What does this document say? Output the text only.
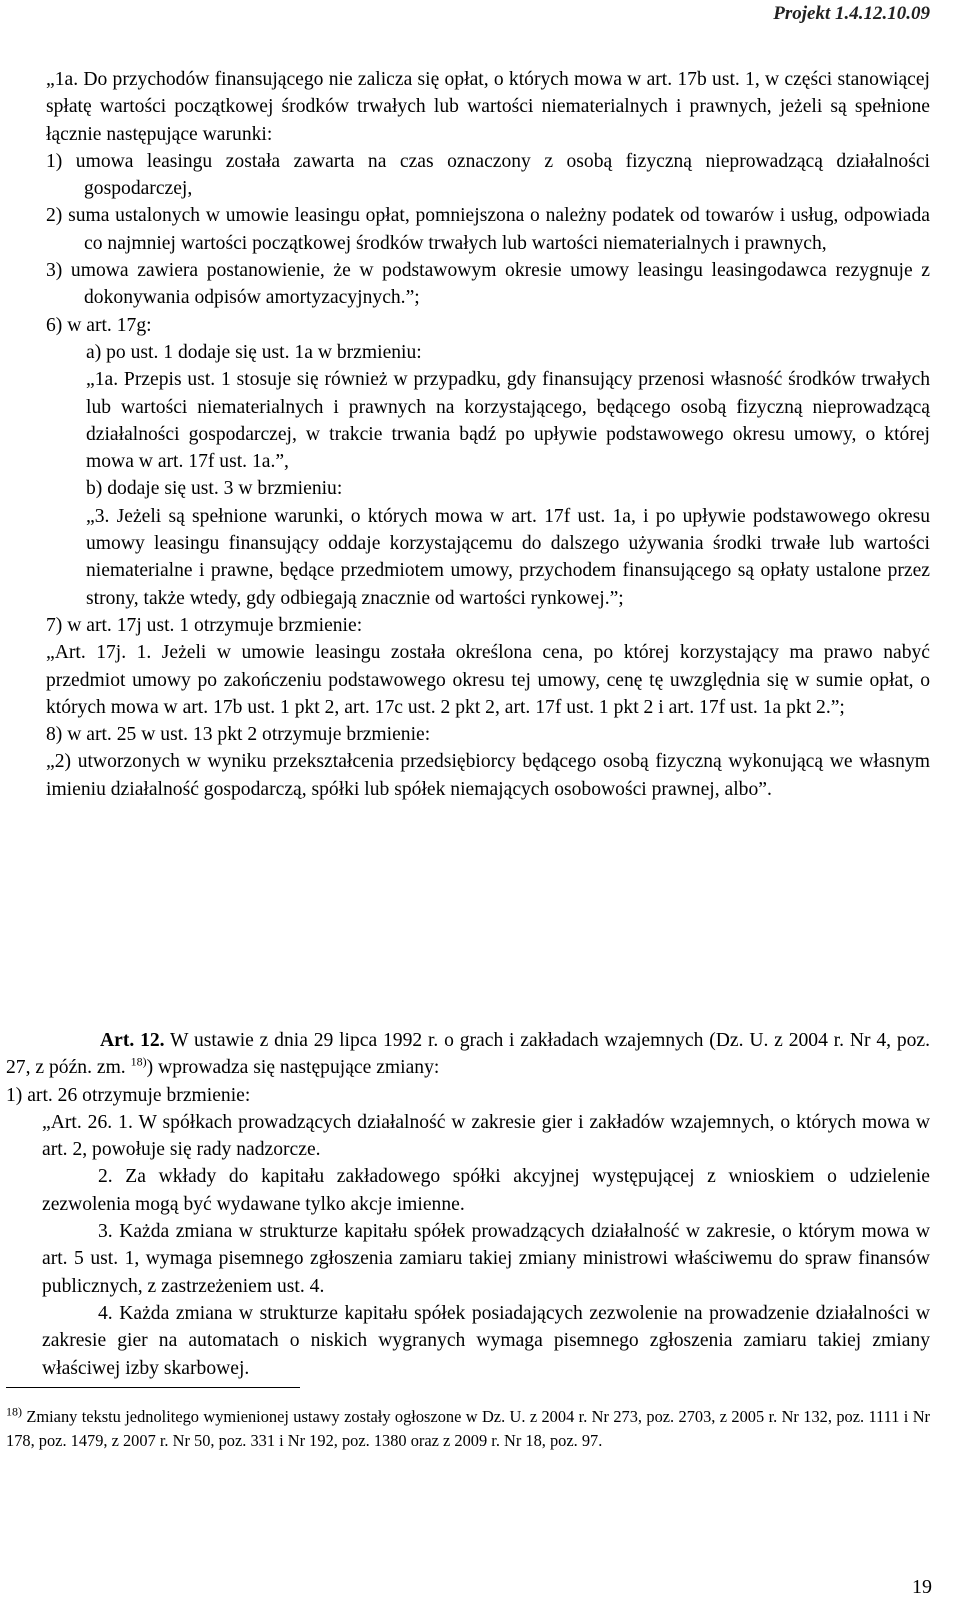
Projekt 1.4.12.10.09

„1a. Do przychodów finansującego nie zalicza się opłat, o których mowa w art. 17b ust. 1, w części stanowiącej spłatę wartości początkowej środków trwałych lub wartości niematerialnych i prawnych, jeżeli są spełnione łącznie następujące warunki:

1) umowa leasingu została zawarta na czas oznaczony z osobą fizyczną nieprowadzącą działalności gospodarczej,

2) suma ustalonych w umowie leasingu opłat, pomniejszona o należny podatek od towarów i usług, odpowiada co najmniej wartości początkowej środków trwałych lub wartości niematerialnych i prawnych,

3) umowa zawiera postanowienie, że w podstawowym okresie umowy leasingu leasingodawca rezygnuje z dokonywania odpisów amortyzacyjnych.”;

6) w art. 17g:

a) po ust. 1 dodaje się ust. 1a w brzmieniu:

„1a. Przepis ust. 1 stosuje się również w przypadku, gdy finansujący przenosi własność środków trwałych lub wartości niematerialnych i prawnych na korzystającego, będącego osobą fizyczną nieprowadzącą działalności gospodarczej, w trakcie trwania bądź po upływie podstawowego okresu umowy, o której mowa w art. 17f ust. 1a.”,

b) dodaje się ust. 3 w brzmieniu:

„3. Jeżeli są spełnione warunki, o których mowa w art. 17f ust. 1a, i po upływie podstawowego okresu umowy leasingu finansujący oddaje korzystającemu do dalszego używania środki trwałe lub wartości niematerialne i prawne, będące przedmiotem umowy, przychodem finansującego są opłaty ustalone przez strony, także wtedy, gdy odbiegają znacznie od wartości rynkowej.”;

7) w art. 17j ust. 1 otrzymuje brzmienie:

„Art. 17j. 1. Jeżeli w umowie leasingu została określona cena, po której korzystający ma prawo nabyć przedmiot umowy po zakończeniu podstawowego okresu tej umowy, cenę tę uwzględnia się w sumie opłat, o których mowa w art. 17b ust. 1 pkt 2, art. 17c ust. 2 pkt 2, art. 17f ust. 1 pkt 2 i art. 17f ust. 1a pkt 2.”;

8) w art. 25 w ust. 13 pkt 2 otrzymuje brzmienie:

„2) utworzonych w wyniku przekształcenia przedsiębiorcy będącego osobą fizyczną wykonującą we własnym imieniu działalność gospodarczą, spółki lub spółek niemających osobowości prawnej, albo”.

Art. 12. W ustawie z dnia 29 lipca 1992 r. o grach i zakładach wzajemnych (Dz. U. z 2004 r. Nr 4, poz. 27, z późn. zm. $^{18)}$) wprowadza się następujące zmiany:

1) art. 26 otrzymuje brzmienie:

„Art. 26. 1. W spółkach prowadzących działalność w zakresie gier i zakładów wzajemnych, o których mowa w art. 2, powołuje się rady nadzorcze.

2. Za wkłady do kapitału zakładowego spółki akcyjnej występującej z wnioskiem o udzielenie zezwolenia mogą być wydawane tylko akcje imienne.

3. Każda zmiana w strukturze kapitału spółek prowadzących działalność w zakresie, o którym mowa w art. 5 ust. 1, wymaga pisemnego zgłoszenia zamiaru takiej zmiany ministrowi właściwemu do spraw finansów publicznych, z zastrzeżeniem ust. 4.

4. Każda zmiana w strukturze kapitału spółek posiadających zezwolenie na prowadzenie działalności w zakresie gier na automatach o niskich wygranych wymaga pisemnego zgłoszenia zamiaru takiej zmiany właściwej izby skarbowej.

$^{18)}$ Zmiany tekstu jednolitego wymienionej ustawy zostały ogłoszone w Dz. U. z 2004 r. Nr 273, poz. 2703, z 2005 r. Nr 132, poz. 1111 i Nr 178, poz. 1479, z 2007 r. Nr 50, poz. 331 i Nr 192, poz. 1380 oraz z 2009 r. Nr 18, poz. 97.
19
